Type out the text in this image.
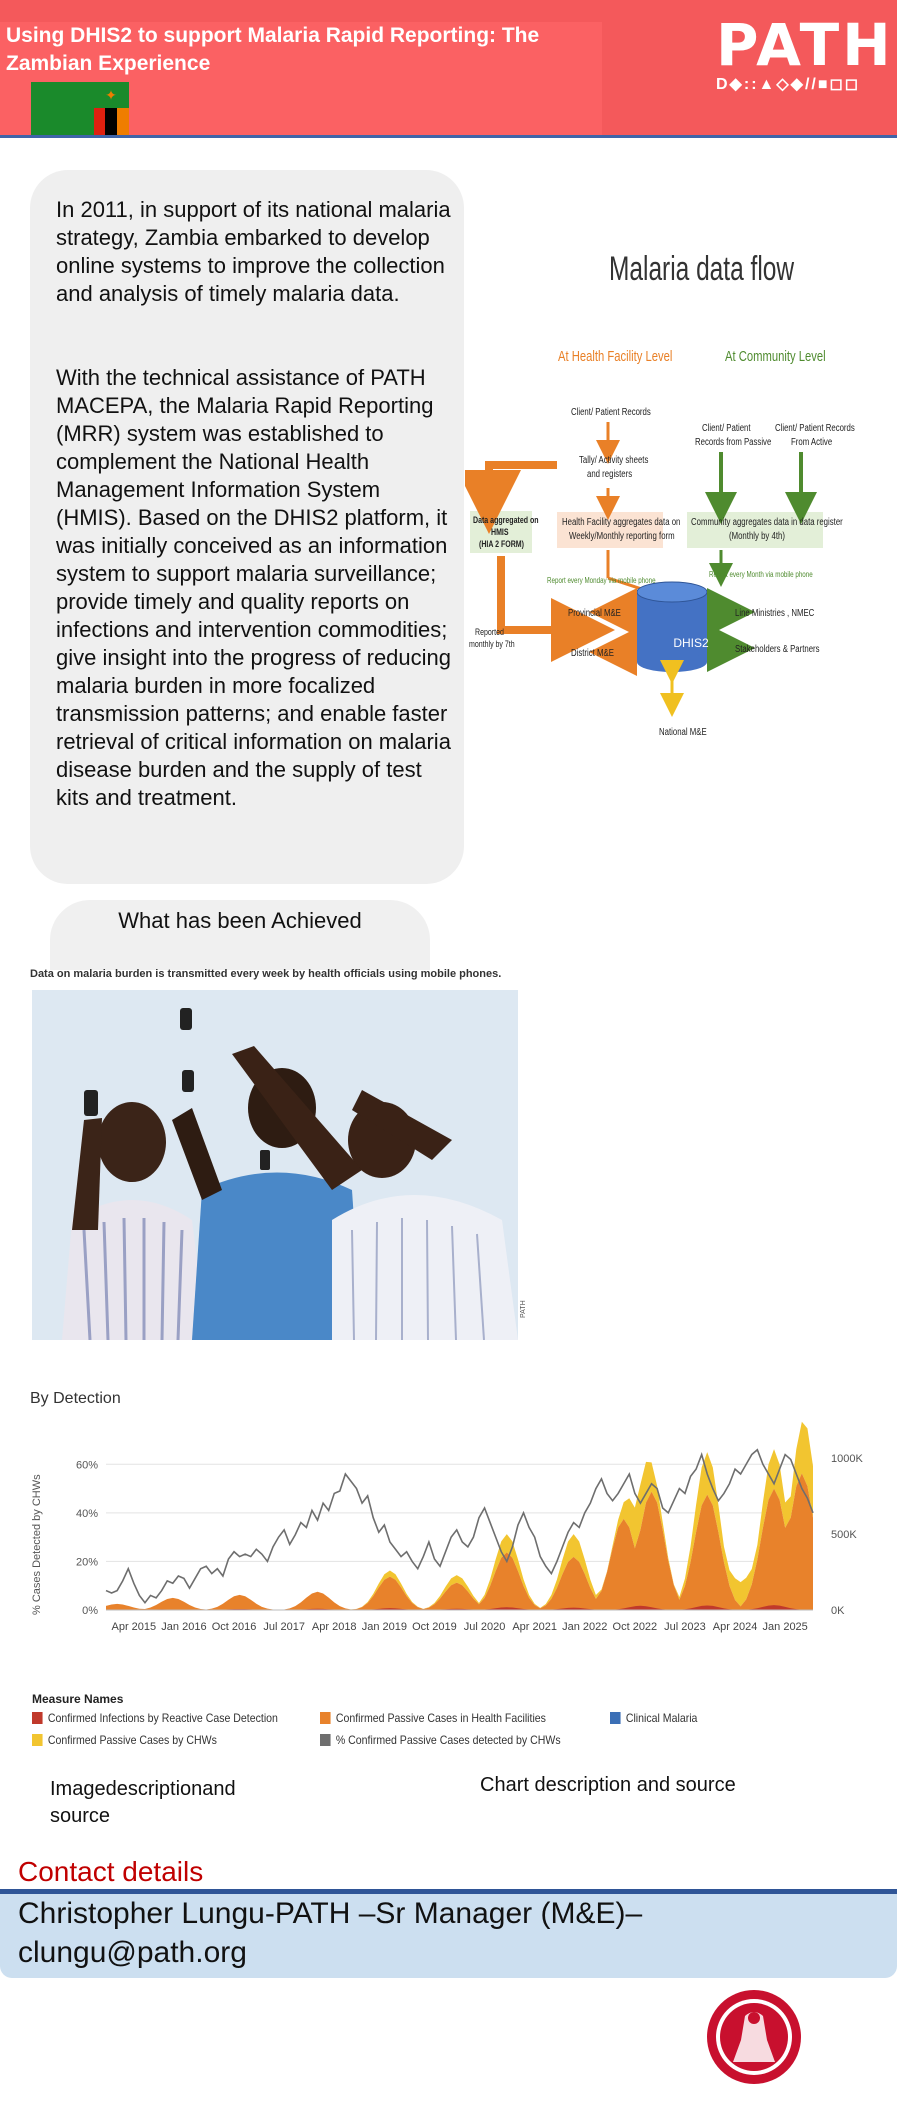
Using DHIS2 to support Malaria Rapid Reporting: The Zambian Experience
✦
PATH
D◆::▲◇◆//■◻◻

In 2011, in support of its national malaria strategy, Zambia embarked to develop online systems to improve the collection and analysis of timely malaria data.

With the technical assistance of PATH MACEPA, the Malaria Rapid Reporting (MRR) system was established to complement the National Health Management Information System (HMIS). Based on the DHIS2 platform, it was initially conceived as an information system to support malaria surveillance; provide timely and quality reports on infections and intervention commodities; give insight into the progress of reducing malaria burden in more focalized transmission patterns; and enable faster retrieval of critical information on malaria disease burden and the supply of test kits and treatment.

Malaria data flow
At Health Facility Level	At Community Level
Client/ Patient Records
Tally/ Activity sheets
and registers
Client/ Patient
Records from Passive
Client/ Patient Records
From Active
Health Facility aggregates data on
Weekly/Monthly reporting form
Community aggregates data in data register
(Monthly by 4th)
Data aggregated on
HMIS
(HIA 2 FORM)
Report every Monday via mobile phone
Report every Month via mobile phone
Provincial M&E
District M&E
Reported
monthly by 7th	DHIS2
Line Ministries , NMEC
Stakeholders & Partners
National M&E
What has been Achieved
Data on malaria burden is transmitted every week by health officials using mobile phones.
PATH
By Detection
0%
20%
40%
60%
0K
500K
1000K
% Cases Detected by CHWs
Apr 2015 Jan 2016 Oct 2016 Jul 2017 Apr 2018 Jan 2019 Oct 2019 Jul 2020 Apr 2021 Jan 2022 Oct 2022 Jul 2023 Apr 2024 Jan 2025
Measure Names
Confirmed Infections by Reactive Case Detection	Confirmed Passive Cases in Health Facilities	Clinical Malaria
Confirmed Passive Cases by CHWs	% Confirmed Passive Cases detected by CHWs
Imagedescriptionand source
Chart description and source
Contact details
Christopher Lungu-PATH –Sr Manager (M&E)– clungu@path.org
